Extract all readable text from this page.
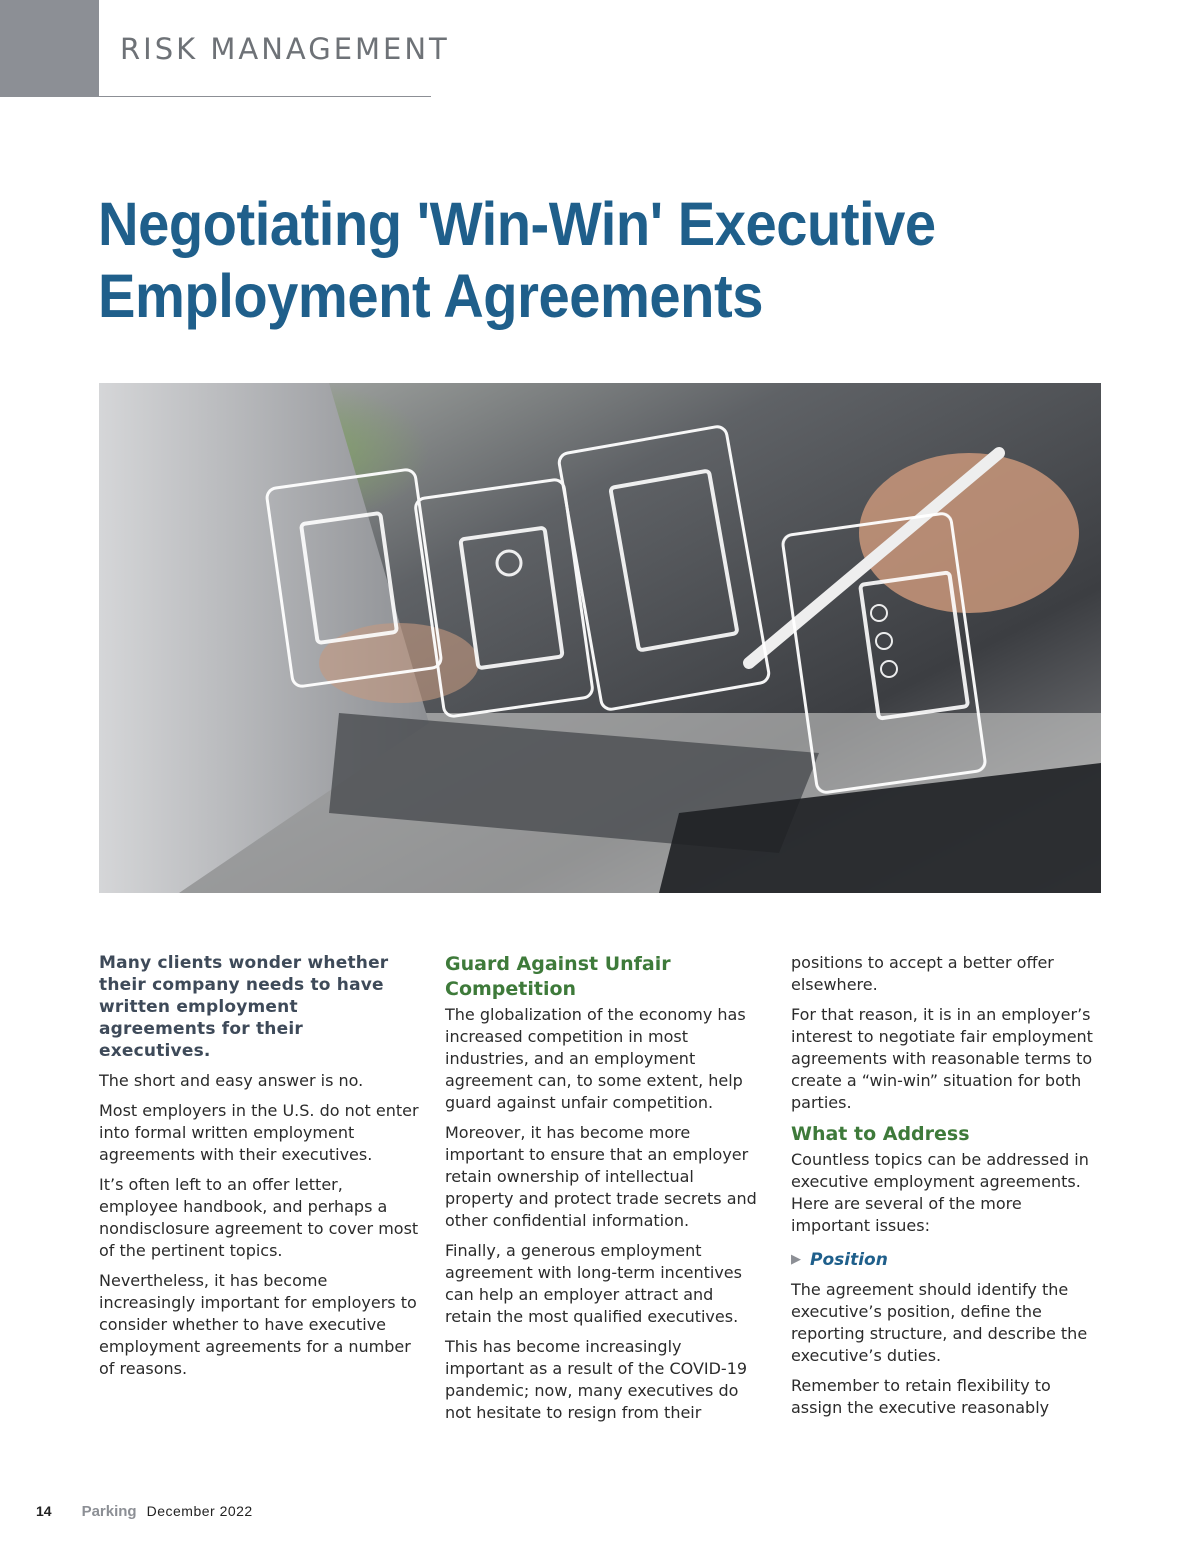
RISK MANAGEMENT
Negotiating 'Win-Win' Executive Employment Agreements

Many clients wonder whether their company needs to have written employment agreements for their executives.

The short and easy answer is no.

Most employers in the U.S. do not enter into formal written employment agreements with their executives.

It’s often left to an offer letter, employee handbook, and perhaps a nondisclosure agreement to cover most of the pertinent topics.

Nevertheless, it has become increasingly important for employers to consider whether to have executive employment agreements for a number of reasons.

Guard Against Unfair Competition

The globalization of the economy has increased competition in most industries, and an employment agreement can, to some extent, help guard against unfair competition.

Moreover, it has become more important to ensure that an employer retain ownership of intellectual property and protect trade secrets and other confidential information.

Finally, a generous employment agreement with long-term incentives can help an employer attract and retain the most qualified executives.

This has become increasingly important as a result of the COVID-19 pandemic; now, many executives do not hesitate to resign from their

positions to accept a better offer elsewhere.

For that reason, it is in an employer’s interest to negotiate fair employment agreements with reasonable terms to create a “win-win” situation for both parties.

What to Address

Countless topics can be addressed in executive employment agreements. Here are several of the more important issues:

▶ Position

The agreement should identify the executive’s position, define the reporting structure, and describe the executive’s duties.

Remember to retain flexibility to assign the executive reasonably

14 Parking December 2022
